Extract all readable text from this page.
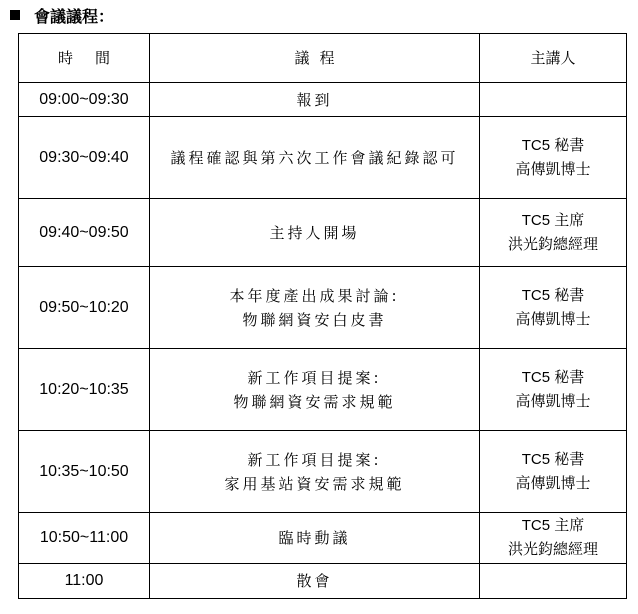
會議議程：
時間	議程	主講人
09:00~09:30	報到	

09:30~09:40	議程確認與第六次工作會議紀錄認可	TC5 秘書
高傳凱博士

09:40~09:50	主持人開場	TC5 主席
洪光鈞總經理

09:50~10:20	本年度產出成果討論:
物聯網資安白皮書	TC5 秘書
高傳凱博士

10:20~10:35	新工作項目提案:
物聯網資安需求規範	TC5 秘書
高傳凱博士

10:35~10:50	新工作項目提案:
家用基站資安需求規範	TC5 秘書
高傳凱博士

10:50~11:00	臨時動議	TC5 主席
洪光鈞總經理

11:00	散會	
